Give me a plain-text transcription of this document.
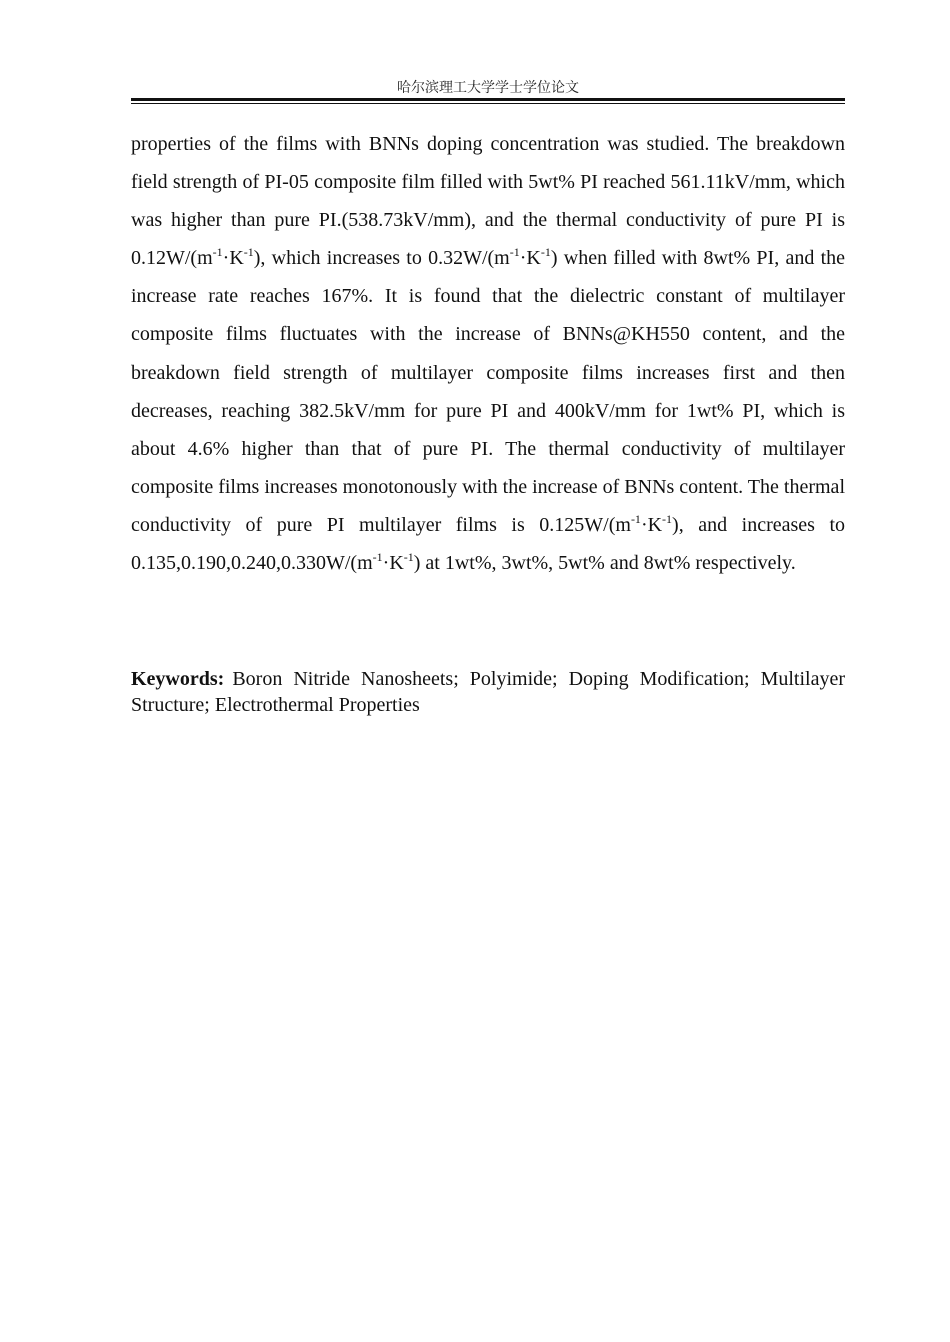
哈尔滨理工大学学士学位论文

properties of the films with BNNs doping concentration was studied. The breakdown field strength of PI-05 composite film filled with 5wt% PI reached 561.11kV/mm, which was higher than pure PI.(538.73kV/mm), and the thermal conductivity of pure PI is $0.12W/(m^{-1}\cdot K^{-1})$, which increases to $0.32W/(m^{-1}\cdot K^{-1})$ when filled with 8wt% PI, and the increase rate reaches 167%. It is found that the dielectric constant of multilayer composite films fluctuates with the increase of BNNs@KH550 content, and the breakdown field strength of multilayer composite films increases first and then decreases, reaching 382.5kV/mm for pure PI and 400kV/mm for 1wt% PI, which is about 4.6% higher than that of pure PI. The thermal conductivity of multilayer composite films increases monotonously with the increase of BNNs content. The thermal conductivity of pure PI multilayer films is $0.125W/(m^{-1}\cdot K^{-1})$, and increases to $0.135,0.190,0.240,0.330W/(m^{-1}\cdot K^{-1})$ at 1wt%, 3wt%, 5wt% and 8wt% respectively.

Keywords: Boron Nitride Nanosheets; Polyimide; Doping Modification; Multilayer Structure; Electrothermal Properties
